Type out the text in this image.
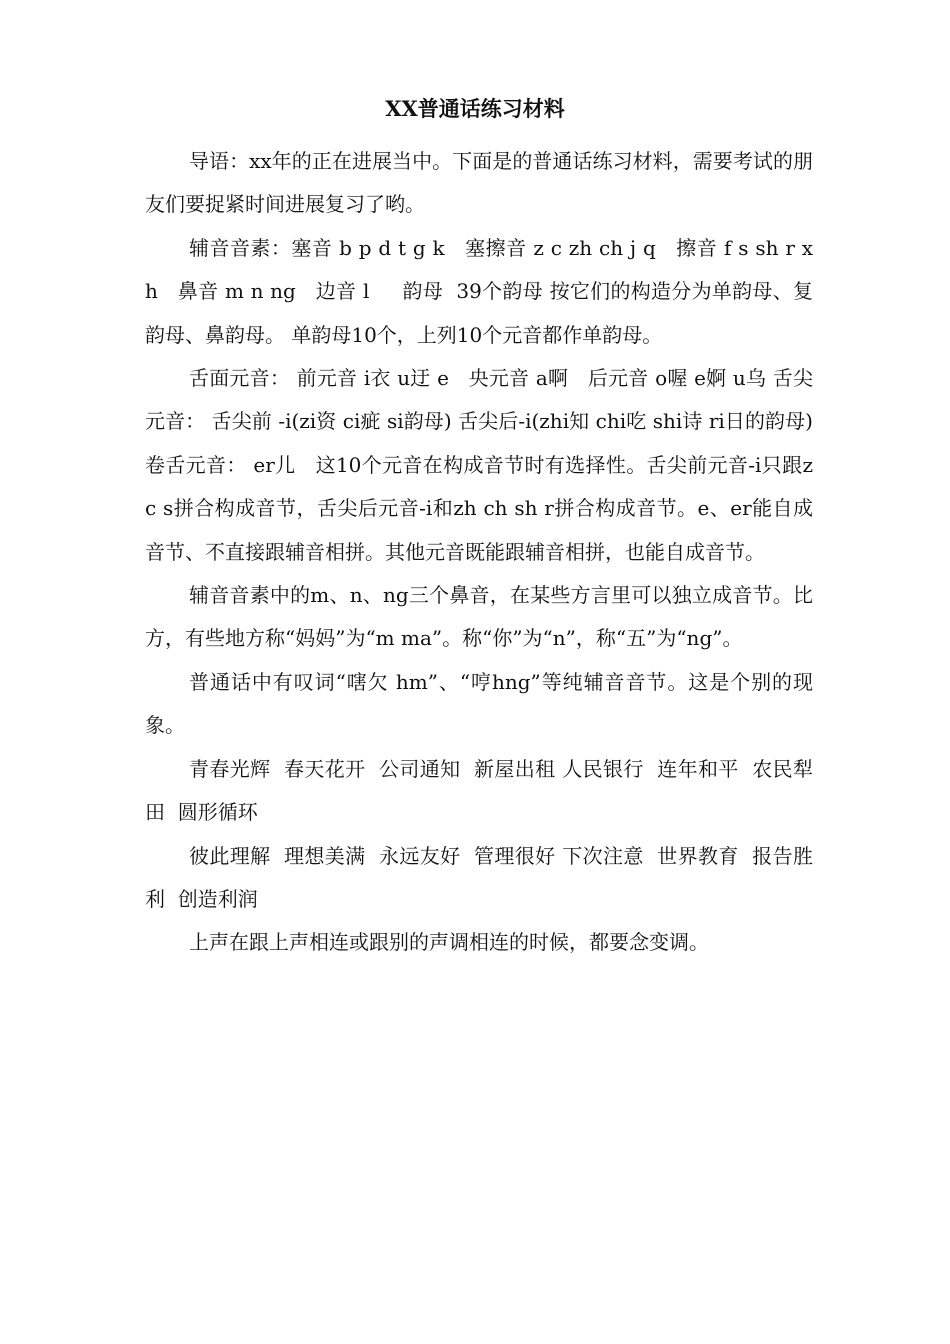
XX普通话练习材料

导语：xx年的正在进展当中。下面是的普通话练习材料，需要考试的朋友们要捉紧时间进展复习了哟。

辅音音素：塞音 b p d t g k   塞擦音 z c zh ch j q   擦音 f s sh r x h   鼻音 m n ng   边音 l     韵母  39个韵母 按它们的构造分为单韵母、复韵母、鼻韵母。 单韵母10个，上列10个元音都作单韵母。

舌面元音： 前元音 i衣 u迂 e   央元音 a啊   后元音 o喔 e婀 u乌 舌尖元音： 舌尖前 -i(zi资 ci疵 si韵母) 舌尖后-i(zhi知 chi吃 shi诗 ri日的韵母) 卷舌元音： er儿   这10个元音在构成音节时有选择性。舌尖前元音-i只跟z c s拼合构成音节，舌尖后元音-i和zh ch sh r拼合构成音节。e、er能自成音节、不直接跟辅音相拼。其他元音既能跟辅音相拼，也能自成音节。

辅音音素中的m、n、ng三个鼻音，在某些方言里可以独立成音节。比方，有些地方称“妈妈”为“m ma”。称“你”为“n”，称“五”为“ng”。

普通话中有叹词“嗐欠 hm”、“哼hng”等纯辅音音节。这是个别的现象。

青春光辉  春天花开  公司通知  新屋出租 人民银行  连年和平  农民犁田  圆形循环

彼此理解  理想美满  永远友好  管理很好 下次注意  世界教育  报告胜利  创造利润

上声在跟上声相连或跟别的声调相连的时候，都要念变调。
